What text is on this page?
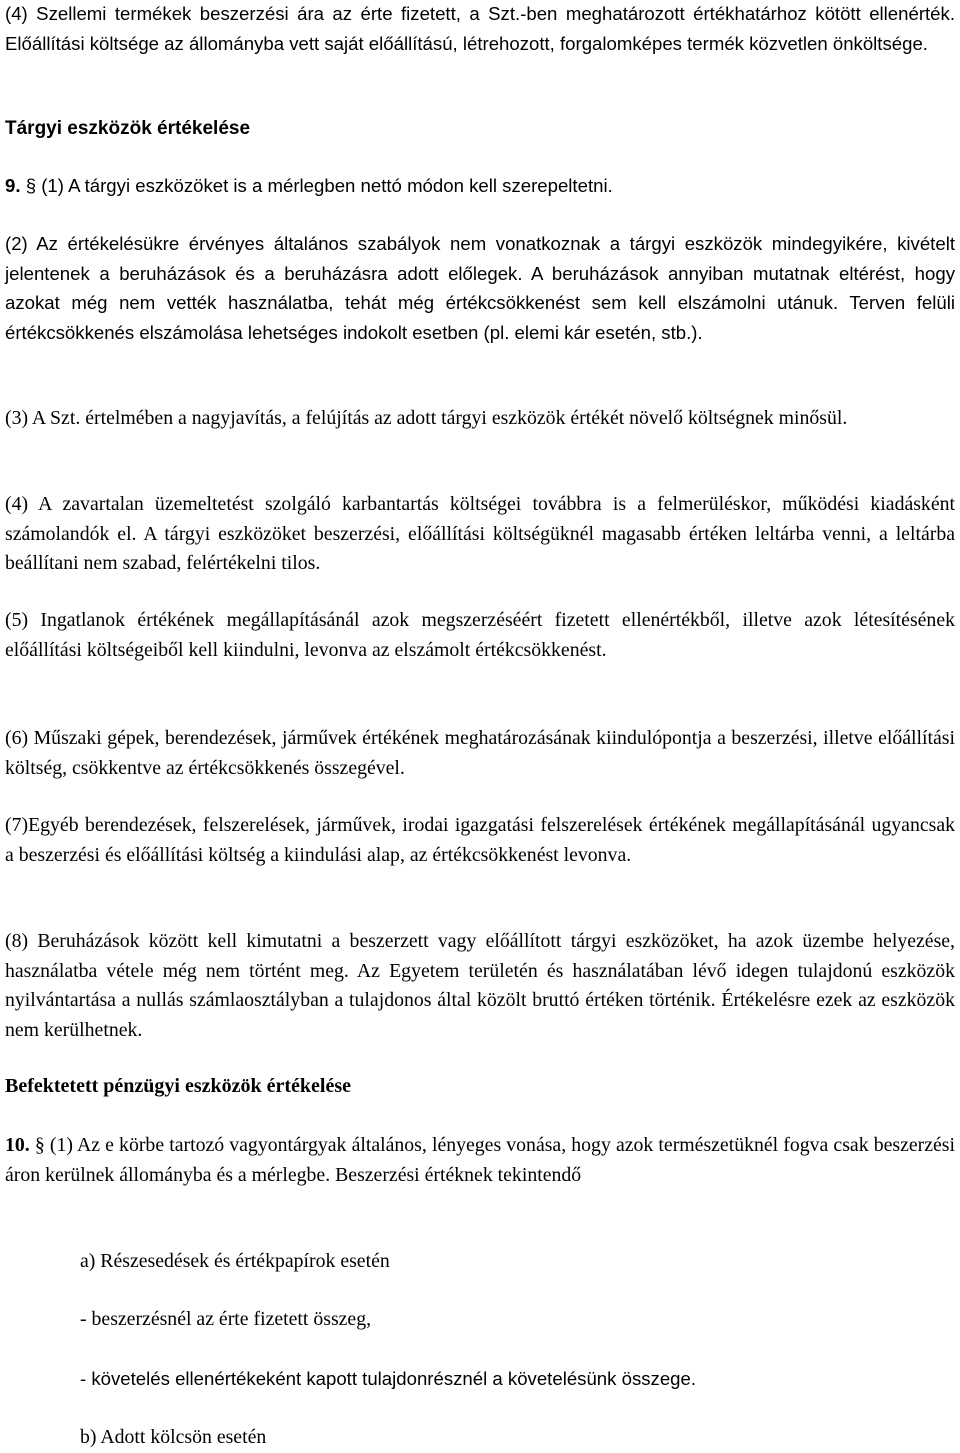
(4) Szellemi termékek beszerzési ára az érte fizetett, a Szt.-ben meghatározott értékhatárhoz kötött ellenérték. Előállítási költsége az állományba vett saját előállítású, létrehozott, forgalomképes termék közvetlen önköltsége.

Tárgyi eszközök értékelése

9. § (1) A tárgyi eszközöket is a mérlegben nettó módon kell szerepeltetni.

(2) Az értékelésükre érvényes általános szabályok nem vonatkoznak a tárgyi eszközök mindegyikére, kivételt jelentenek a beruházások és a beruházásra adott előlegek. A beruházások annyiban mutatnak eltérést, hogy azokat még nem vették használatba, tehát még értékcsökkenést sem kell elszámolni utánuk. Terven felüli értékcsökkenés elszámolása lehetséges indokolt esetben (pl. elemi kár esetén, stb.).

(3) A Szt. értelmében a nagyjavítás, a felújítás az adott tárgyi eszközök értékét növelő költségnek minősül.

(4) A zavartalan üzemeltetést szolgáló karbantartás költségei továbbra is a felmerüléskor, működési kiadásként számolandók el. A tárgyi eszközöket beszerzési, előállítási költségüknél magasabb értéken leltárba venni, a leltárba beállítani nem szabad, felértékelni tilos.

(5) Ingatlanok értékének megállapításánál azok megszerzéséért fizetett ellenértékből, illetve azok létesítésének előállítási költségeiből kell kiindulni, levonva az elszámolt értékcsökkenést.

(6) Műszaki gépek, berendezések, járművek értékének meghatározásának kiindulópontja a beszerzési, illetve előállítási költség, csökkentve az értékcsökkenés összegével.

(7)Egyéb berendezések, felszerelések, járművek, irodai igazgatási felszerelések értékének megállapításánál ugyancsak a beszerzési és előállítási költség a kiindulási alap, az értékcsökkenést levonva.

(8) Beruházások között kell kimutatni a beszerzett vagy előállított tárgyi eszközöket, ha azok üzembe helyezése, használatba vétele még nem történt meg. Az Egyetem területén és használatában lévő idegen tulajdonú eszközök nyilvántartása a nullás számlaosztályban a tulajdonos által közölt bruttó értéken történik. Értékelésre ezek az eszközök nem kerülhetnek.

Befektetett pénzügyi eszközök értékelése

10. § (1) Az e körbe tartozó vagyontárgyak általános, lényeges vonása, hogy azok természetüknél fogva csak beszerzési áron kerülnek állományba és a mérlegbe. Beszerzési értéknek tekintendő

a) Részesedések és értékpapírok esetén

- beszerzésnél az érte fizetett összeg,

- követelés ellenértékeként kapott tulajdonrésznél a követelésünk összege.

b) Adott kölcsön esetén
